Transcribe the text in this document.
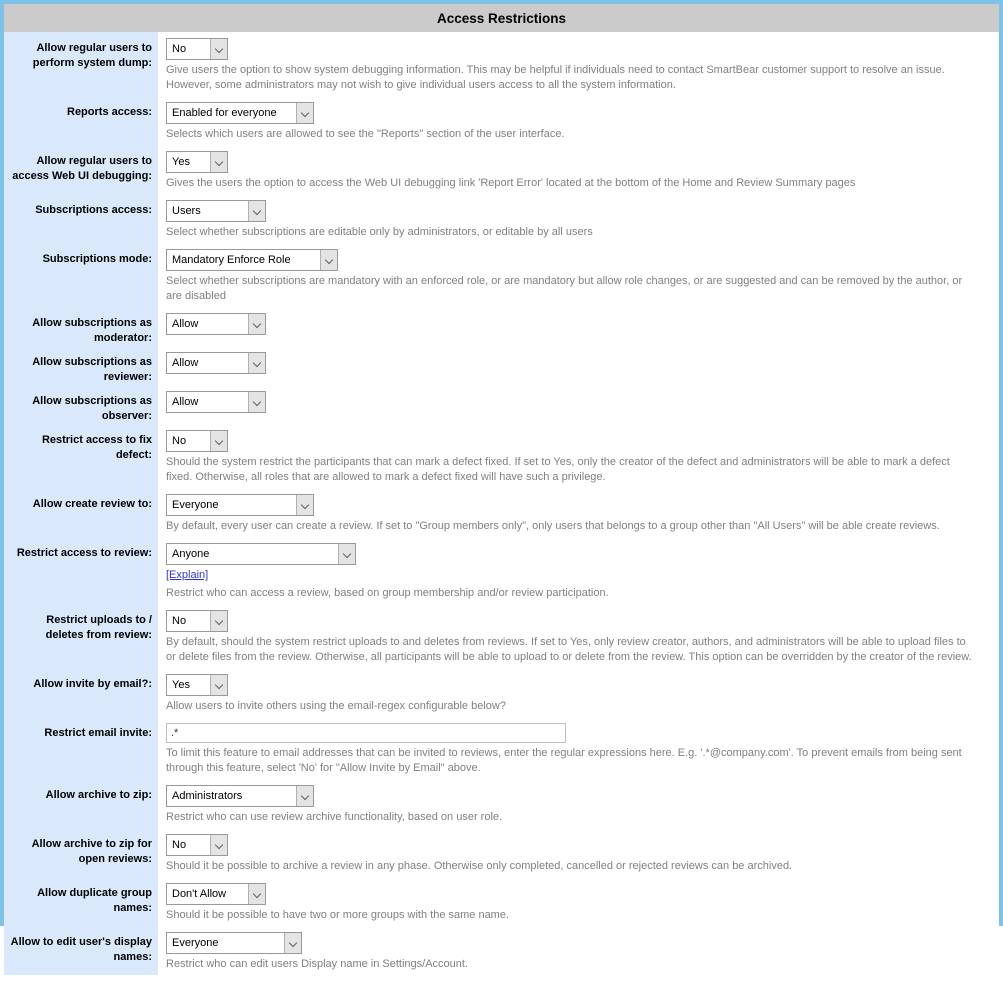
Access Restrictions
Allow regular users to perform system dump:
No
Give users the option to show system debugging information. This may be helpful if individuals need to contact SmartBear customer support to resolve an issue. However, some administrators may not wish to give individual users access to all the system information.
Reports access:	Enabled for everyone
Selects which users are allowed to see the "Reports" section of the user interface.
Allow regular users to access Web UI debugging:
Yes
Gives the users the option to access the Web UI debugging link 'Report Error' located at the bottom of the Home and Review Summary pages
Subscriptions access:	Users
Select whether subscriptions are editable only by administrators, or editable by all users
Subscriptions mode:	Mandatory Enforce Role
Select whether subscriptions are mandatory with an enforced role, or are mandatory but allow role changes, or are suggested and can be removed by the author, or are disabled
Allow subscriptions as moderator:
Allow
Allow subscriptions as reviewer:
Allow
Allow subscriptions as observer:
Allow
Restrict access to fix defect:
No
Should the system restrict the participants that can mark a defect fixed. If set to Yes, only the creator of the defect and administrators will be able to mark a defect fixed. Otherwise, all roles that are allowed to mark a defect fixed will have such a privilege.
Allow create review to:	Everyone
By default, every user can create a review. If set to "Group members only", only users that belongs to a group other than "All Users" will be able create reviews.
Restrict access to review:	Anyone

[Explain]
Restrict who can access a review, based on group membership and/or review participation.
Restrict uploads to / deletes from review:
No
By default, should the system restrict uploads to and deletes from reviews. If set to Yes, only review creator, authors, and administrators will be able to upload files to or delete files from the review. Otherwise, all participants will be able to upload to or delete from the review. This option can be overridden by the creator of the review.
Allow invite by email?:	Yes
Allow users to invite others using the email-regex configurable below?
Restrict email invite:
.*
To limit this feature to email addresses that can be invited to reviews, enter the regular expressions here. E.g. '.*@company.com'. To prevent emails from being sent through this feature, select 'No' for "Allow Invite by Email" above.
Allow archive to zip:	Administrators
Restrict who can use review archive functionality, based on user role.
Allow archive to zip for open reviews:
No
Should it be possible to archive a review in any phase. Otherwise only completed, cancelled or rejected reviews can be archived.
Allow duplicate group names:
Don't Allow
Should it be possible to have two or more groups with the same name.
Allow to edit user's display names:
Everyone
Restrict who can edit users Display name in Settings/Account.
